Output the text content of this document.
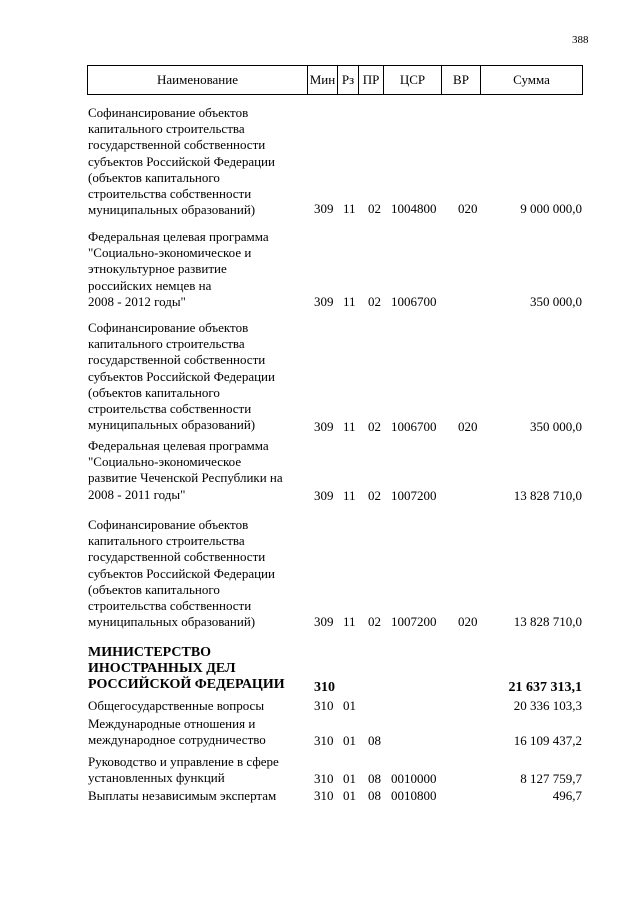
388
Наименование	Мин Рз ПР	ЦСР	ВР	Сумма
Софинансирование объектов
капитального строительства
государственной собственности
субъектов Российской Федерации
(объектов капитального
строительства собственности
муниципальных образований)	309 11 02 1004800 020	9 000 000,0
Федеральная целевая программа
"Социально-экономическое и
этнокультурное развитие
российских немцев на
2008 - 2012 годы"	309 11 02 1006700	350 000,0
Софинансирование объектов
капитального строительства
государственной собственности
субъектов Российской Федерации
(объектов капитального
строительства собственности
муниципальных образований)	309 11 02 1006700 020	350 000,0
Федеральная целевая программа
"Социально-экономическое
развитие Чеченской Республики на
2008 - 2011 годы"	309 11 02 1007200	13 828 710,0
Софинансирование объектов
капитального строительства
государственной собственности
субъектов Российской Федерации
(объектов капитального
строительства собственности
муниципальных образований)	309 11 02 1007200 020	13 828 710,0
МИНИСТЕРСТВО
ИНОСТРАННЫХ ДЕЛ
РОССИЙСКОЙ ФЕДЕРАЦИИ	310	21 637 313,1
Общегосударственные вопросы	310 01	20 336 103,3
Международные отношения и
международное сотрудничество	310 01 08	16 109 437,2
Руководство и управление в сфере
установленных функций	310 01 08 0010000	8 127 759,7
Выплаты независимым экспертам	310 01 08 0010800	496,7
